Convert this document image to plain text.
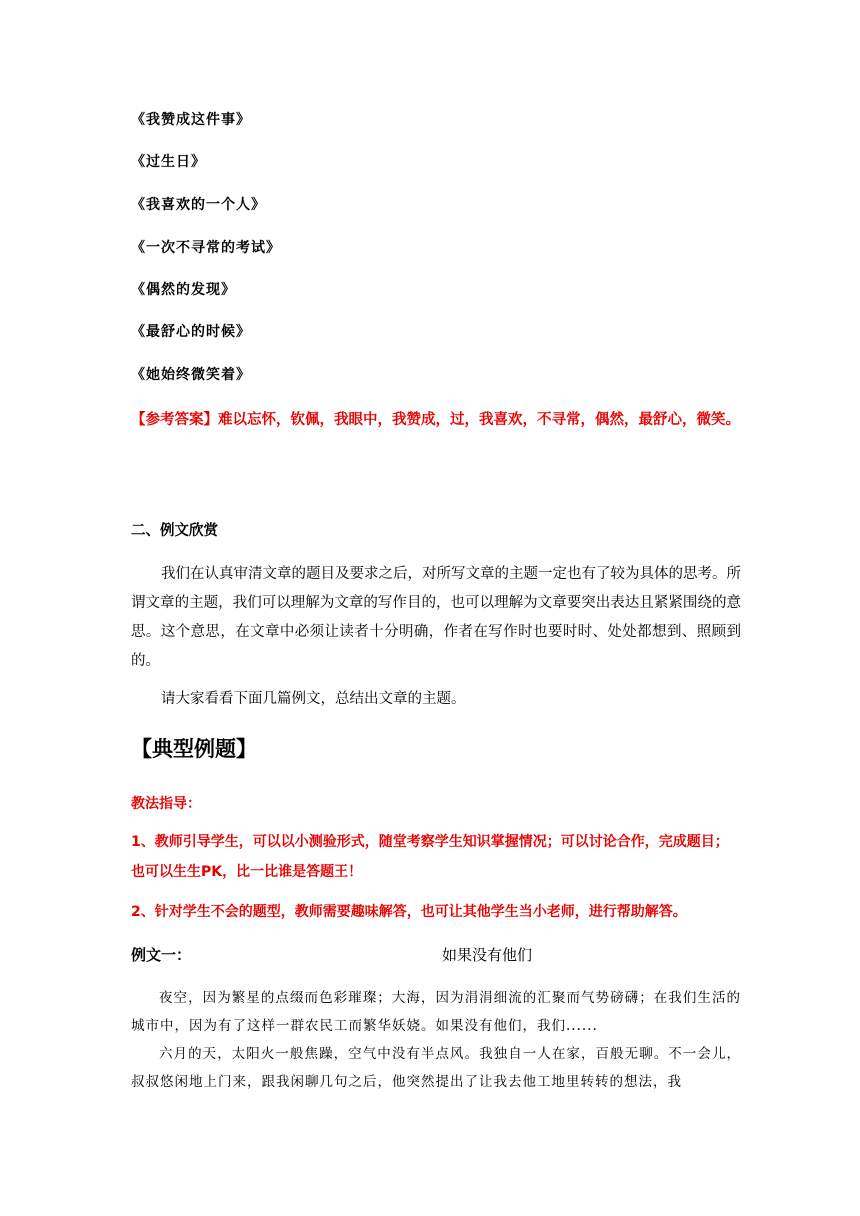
《我赞成这件事》
《过生日》
《我喜欢的一个人》
《一次不寻常的考试》
《偶然的发现》
《最舒心的时候》
《她始终微笑着》
【参考答案】难以忘怀，钦佩，我眼中，我赞成，过，我喜欢，不寻常，偶然，最舒心，微笑。
二、例文欣赏
我们在认真审清文章的题目及要求之后，对所写文章的主题一定也有了较为具体的思考。所谓文章的主题，我们可以理解为文章的写作目的，也可以理解为文章要突出表达且紧紧围绕的意思。这个意思，在文章中必须让读者十分明确，作者在写作时也要时时、处处都想到、照顾到的。
请大家看看下面几篇例文，总结出文章的主题。
【典型例题】
教法指导：
1、教师引导学生，可以以小测验形式，随堂考察学生知识掌握情况；可以讨论合作，完成题目；也可以生生PK，比一比谁是答题王！
2、针对学生不会的题型，教师需要趣味解答，也可让其他学生当小老师，进行帮助解答。
例文一：	如果没有他们
夜空，因为繁星的点缀而色彩璀璨；大海，因为涓涓细流的汇聚而气势磅礴；在我们生活的城市中，因为有了这样一群农民工而繁华妖娆。如果没有他们，我们......
六月的天，太阳火一般焦躁，空气中没有半点风。我独自一人在家，百般无聊。不一会儿，叔叔悠闲地上门来，跟我闲聊几句之后，他突然提出了让我去他工地里转转的想法，我
